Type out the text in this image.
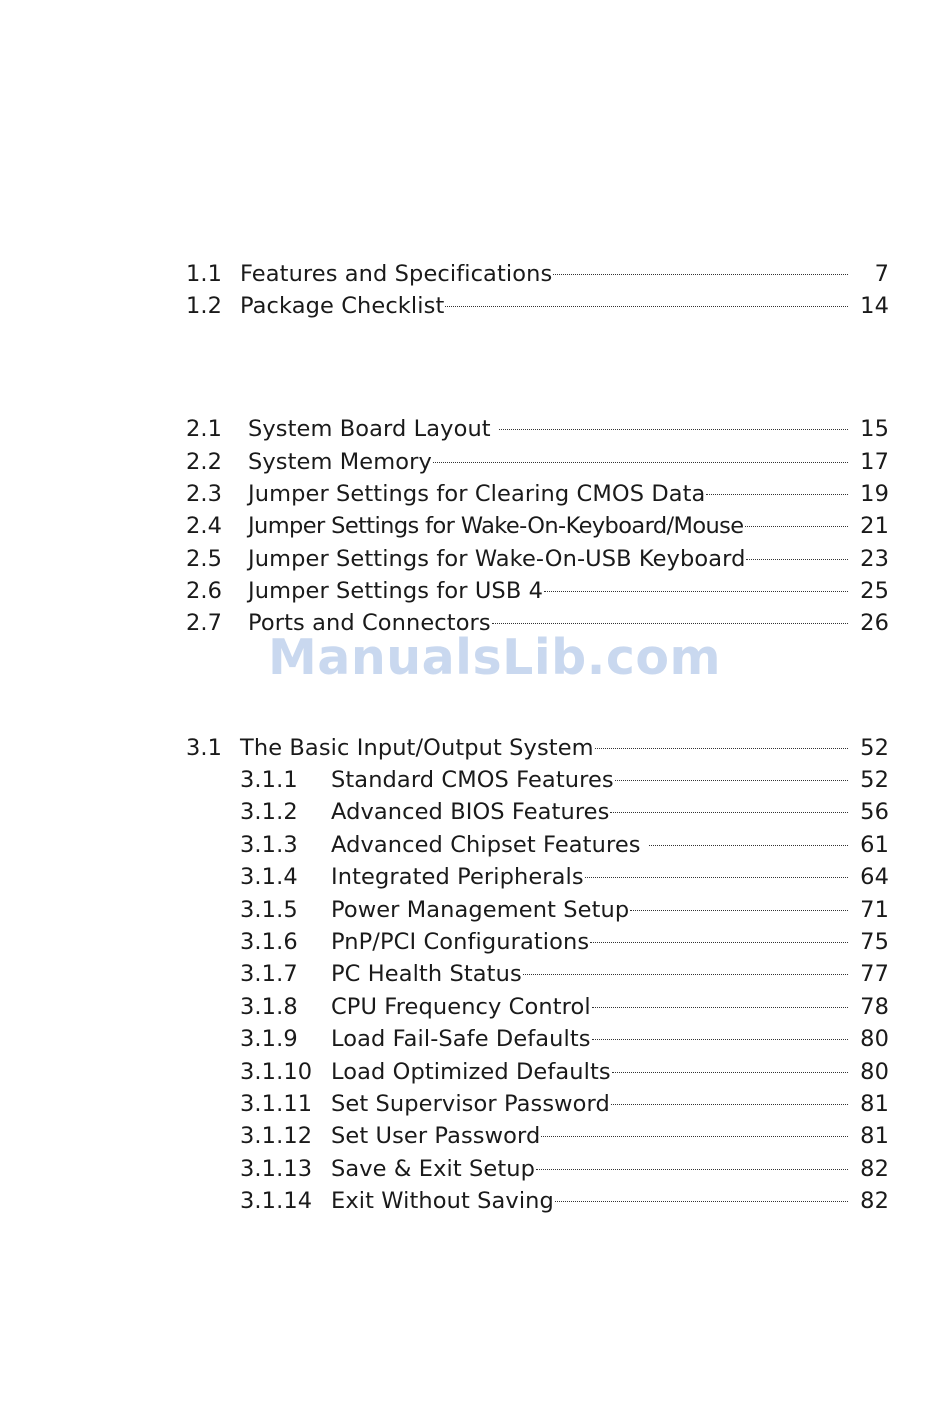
1.1 Features and Specifications	7
1.2 Package Checklist	14
2.1 System Board Layout	15
2.2 System Memory	17
2.3 Jumper Settings for Clearing CMOS Data	19
2.4 Jumper Settings for Wake-On-Keyboard/Mouse	21
2.5 Jumper Settings for Wake-On-USB Keyboard	23
2.6 Jumper Settings for USB 4	25
2.7 Ports and Connectors	26
ManualsLib.com
3.1 The Basic Input/Output System	52
3.1.1 Standard CMOS Features	52
3.1.2 Advanced BIOS Features	56
3.1.3 Advanced Chipset Features	61
3.1.4 Integrated Peripherals	64
3.1.5 Power Management Setup	71
3.1.6 PnP/PCI Configurations	75
3.1.7 PC Health Status	77
3.1.8 CPU Frequency Control	78
3.1.9 Load Fail-Safe Defaults	80
3.1.10 Load Optimized Defaults	80
3.1.11 Set Supervisor Password	81
3.1.12 Set User Password	81
3.1.13 Save & Exit Setup	82
3.1.14 Exit Without Saving	82
